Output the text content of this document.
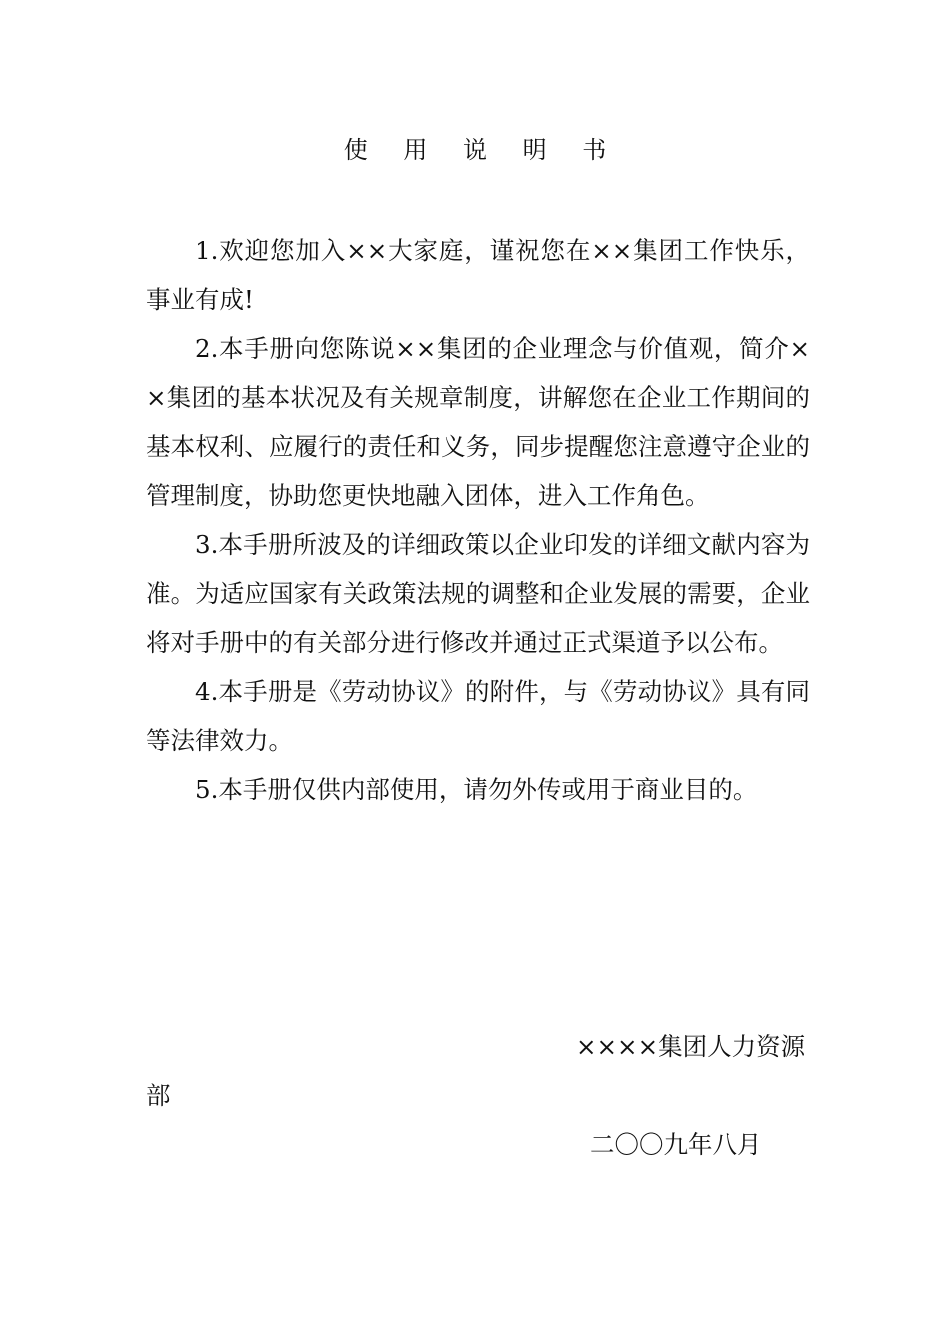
使 用 说 明 书

1.欢迎您加入××大家庭，谨祝您在××集团工作快乐，事业有成!

2.本手册向您陈说××集团的企业理念与价值观，简介××集团的基本状况及有关规章制度，讲解您在企业工作期间的基本权利、应履行的责任和义务，同步提醒您注意遵守企业的管理制度，协助您更快地融入团体，进入工作角色。

3.本手册所波及的详细政策以企业印发的详细文献内容为准。为适应国家有关政策法规的调整和企业发展的需要，企业将对手册中的有关部分进行修改并通过正式渠道予以公布。

4.本手册是《劳动协议》的附件，与《劳动协议》具有同等法律效力。

5.本手册仅供内部使用，请勿外传或用于商业目的。

××××集团人力资源部
二〇〇九年八月
